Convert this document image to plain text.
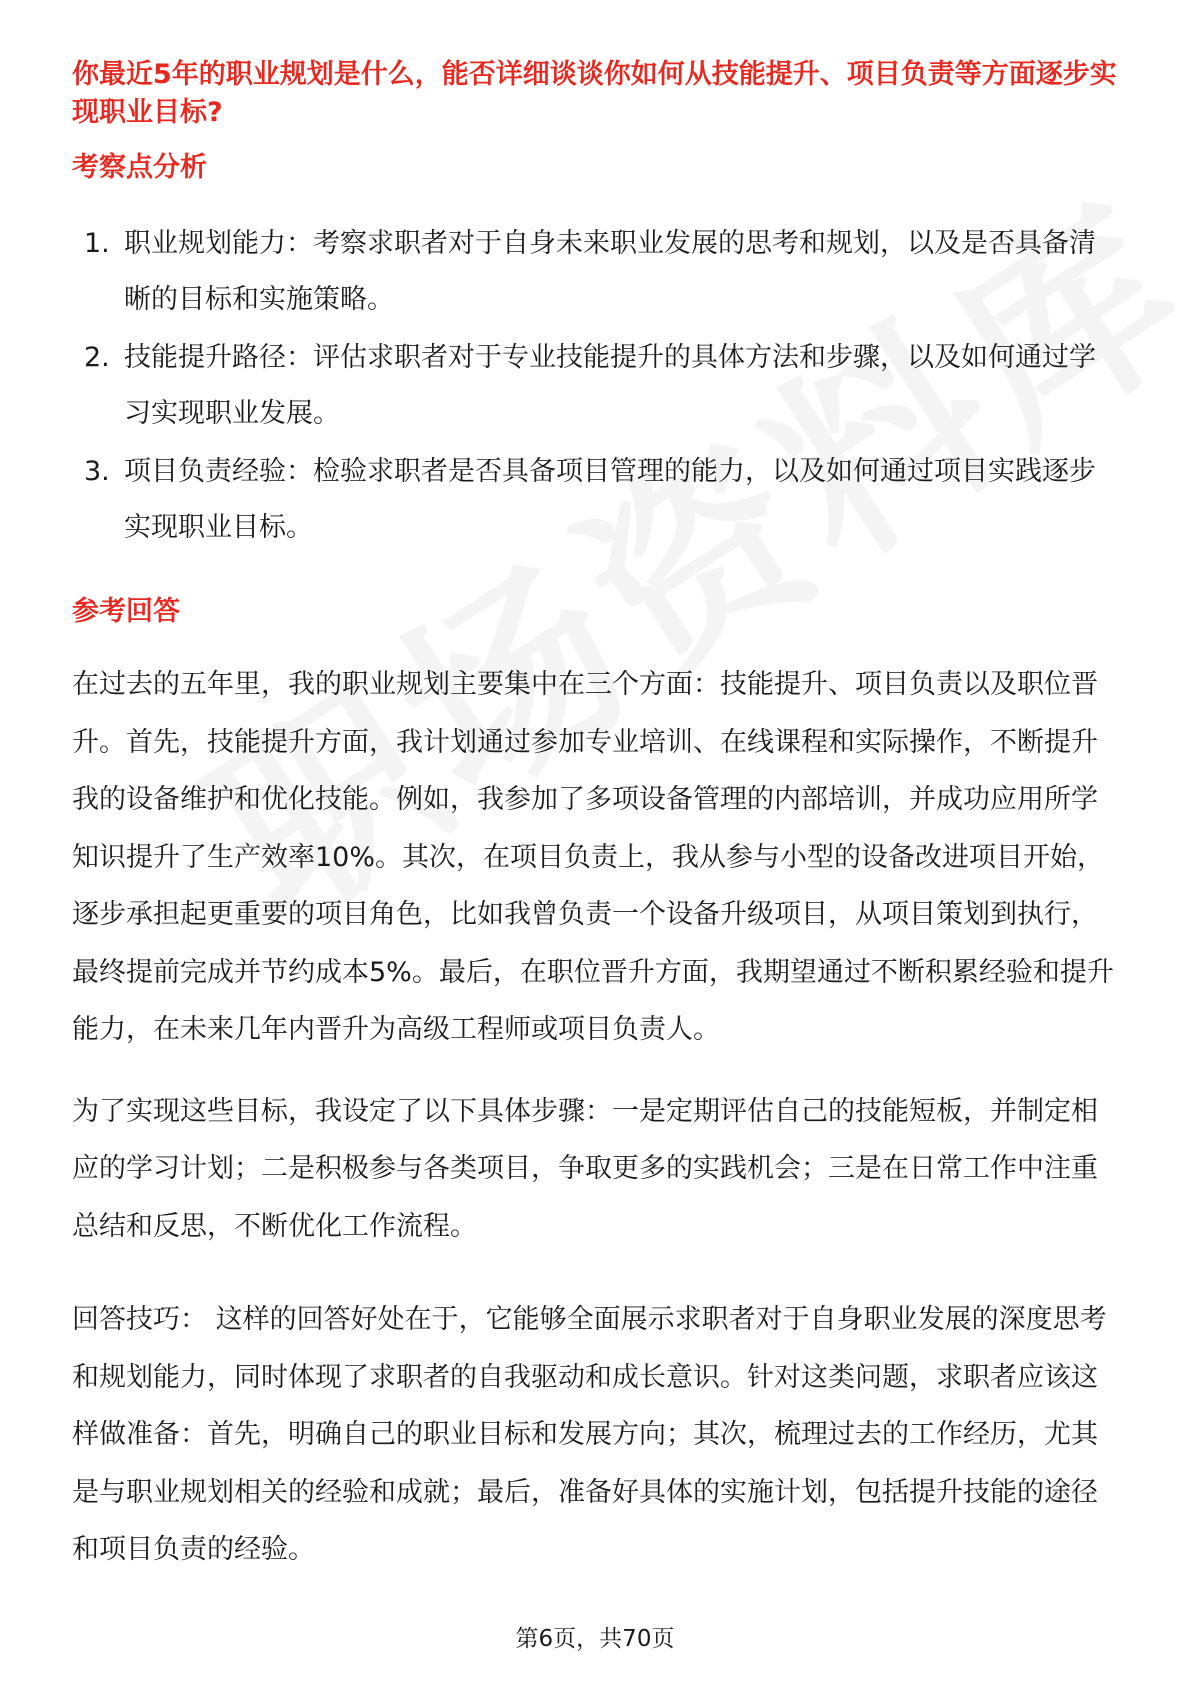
你最近5年的职业规划是什么，能否详细谈谈你如何从技能提升、项目负责等方面逐步实现职业目标?

考察点分析
1. 职业规划能力：考察求职者对于自身未来职业发展的思考和规划，以及是否具备清晰的目标和实施策略。
2. 技能提升路径：评估求职者对于专业技能提升的具体方法和步骤，以及如何通过学习实现职业发展。
3. 项目负责经验：检验求职者是否具备项目管理的能力，以及如何通过项目实践逐步实现职业目标。
参考回答

在过去的五年里，我的职业规划主要集中在三个方面：技能提升、项目负责以及职位晋升。首先，技能提升方面，我计划通过参加专业培训、在线课程和实际操作，不断提升我的设备维护和优化技能。例如，我参加了多项设备管理的内部培训，并成功应用所学知识提升了生产效率10%。其次，在项目负责上，我从参与小型的设备改进项目开始，逐步承担起更重要的项目角色，比如我曾负责一个设备升级项目，从项目策划到执行，最终提前完成并节约成本5%。最后，在职位晋升方面，我期望通过不断积累经验和提升能力，在未来几年内晋升为高级工程师或项目负责人。

为了实现这些目标，我设定了以下具体步骤：一是定期评估自己的技能短板，并制定相应的学习计划；二是积极参与各类项目，争取更多的实践机会；三是在日常工作中注重总结和反思，不断优化工作流程。

回答技巧： 这样的回答好处在于，它能够全面展示求职者对于自身职业发展的深度思考和规划能力，同时体现了求职者的自我驱动和成长意识。针对这类问题，求职者应该这样做准备：首先，明确自己的职业目标和发展方向；其次，梳理过去的工作经历，尤其是与职业规划相关的经验和成就；最后，准备好具体的实施计划，包括提升技能的途径和项目负责的经验。

第6页，共70页
